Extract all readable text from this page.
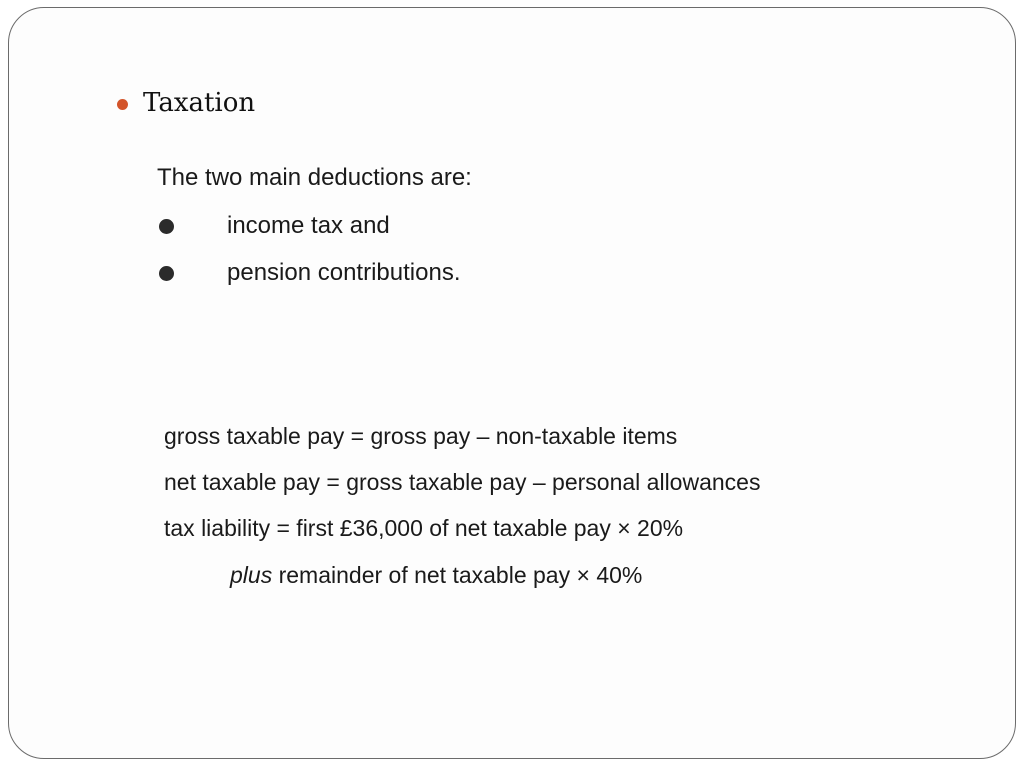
Taxation
The two main deductions are:
income tax and
pension contributions.
gross taxable pay = gross pay – non-taxable items
net taxable pay = gross taxable pay – personal allowances
tax liability = first £36,000 of net taxable pay × 20%
plus remainder of net taxable pay × 40%
